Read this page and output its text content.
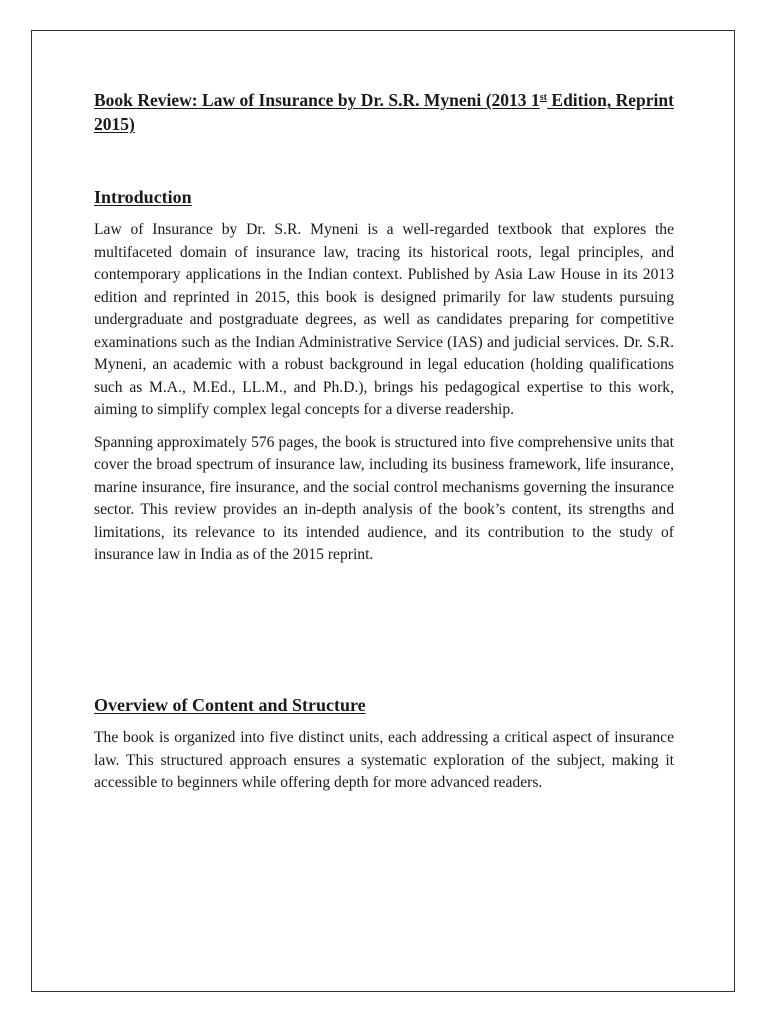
Book Review: Law of Insurance by Dr. S.R. Myneni (2013 1st Edition, Reprint 2015)
Introduction

Law of Insurance by Dr. S.R. Myneni is a well-regarded textbook that explores the multifaceted domain of insurance law, tracing its historical roots, legal principles, and contemporary applications in the Indian context. Published by Asia Law House in its 2013 edition and reprinted in 2015, this book is designed primarily for law students pursuing undergraduate and postgraduate degrees, as well as candidates preparing for competitive examinations such as the Indian Administrative Service (IAS) and judicial services. Dr. S.R. Myneni, an academic with a robust background in legal education (holding qualifications such as M.A., M.Ed., LL.M., and Ph.D.), brings his pedagogical expertise to this work, aiming to simplify complex legal concepts for a diverse readership.

Spanning approximately 576 pages, the book is structured into five comprehensive units that cover the broad spectrum of insurance law, including its business framework, life insurance, marine insurance, fire insurance, and the social control mechanisms governing the insurance sector. This review provides an in-depth analysis of the book’s content, its strengths and limitations, its relevance to its intended audience, and its contribution to the study of insurance law in India as of the 2015 reprint.

Overview of Content and Structure

The book is organized into five distinct units, each addressing a critical aspect of insurance law. This structured approach ensures a systematic exploration of the subject, making it accessible to beginners while offering depth for more advanced readers.
